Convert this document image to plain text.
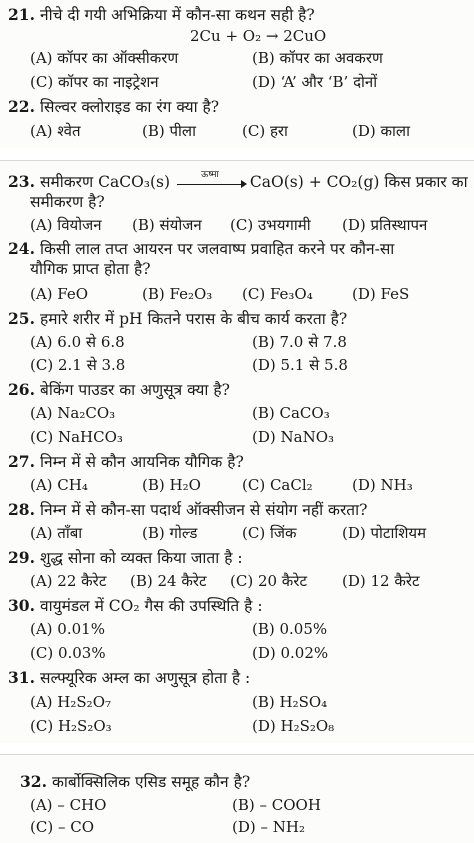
21. नीचे दी गयी अभिक्रिया में कौन-सा कथन सही है?
2Cu + O₂ → 2CuO
(A) कॉपर का ऑक्सीकरण	(B) कॉपर का अवकरण
(C) कॉपर का नाइट्रेशन	(D) ‘A’ और ‘B’ दोनों
22. सिल्वर क्लोराइड का रंग क्या है?
(A) श्वेत	(B) पीला	(C) हरा	(D) काला
23. समीकरण CaCO₃(s)	ऊष्मा	CaO(s) + CO₂(g) किस प्रकार का
समीकरण है?
(A) वियोजन (B) संयोजन (C) उभयगामी (D) प्रतिस्थापन
24. किसी लाल तप्त आयरन पर जलवाष्प प्रवाहित करने पर कौन-सा
यौगिक प्राप्त होता है?
(A) FeO	(B) Fe₂O₃ (C) Fe₃O₄	(D) FeS
25. हमारे शरीर में pH कितने परास के बीच कार्य करता है?
(A) 6.0 से 6.8	(B) 7.0 से 7.8
(C) 2.1 से 3.8	(D) 5.1 से 5.8
26. बेकिंग पाउडर का अणुसूत्र क्या है?
(A) Na₂CO₃	(B) CaCO₃
(C) NaHCO₃	(D) NaNO₃
27. निम्न में से कौन आयनिक यौगिक है?
(A) CH₄	(B) H₂O	(C) CaCl₂	(D) NH₃
28. निम्न में से कौन-सा पदार्थ ऑक्सीजन से संयोग नहीं करता?
(A) ताँबा	(B) गोल्ड	(C) जिंक	(D) पोटाशियम
29. शुद्ध सोना को व्यक्त किया जाता है :
(A) 22 कैरेट (B) 24 कैरेट (C) 20 कैरेट (D) 12 कैरेट
30. वायुमंडल में CO₂ गैस की उपस्थिति है :
(A) 0.01%	(B) 0.05%
(C) 0.03%	(D) 0.02%
31. सल्फ्यूरिक अम्ल का अणुसूत्र होता है :
(A) H₂S₂O₇	(B) H₂SO₄
(C) H₂S₂O₃	(D) H₂S₂O₈
32. कार्बोक्सिलिक एसिड समूह कौन है?
(A) – CHO	(B) – COOH
(C) – CO	(D) – NH₂
